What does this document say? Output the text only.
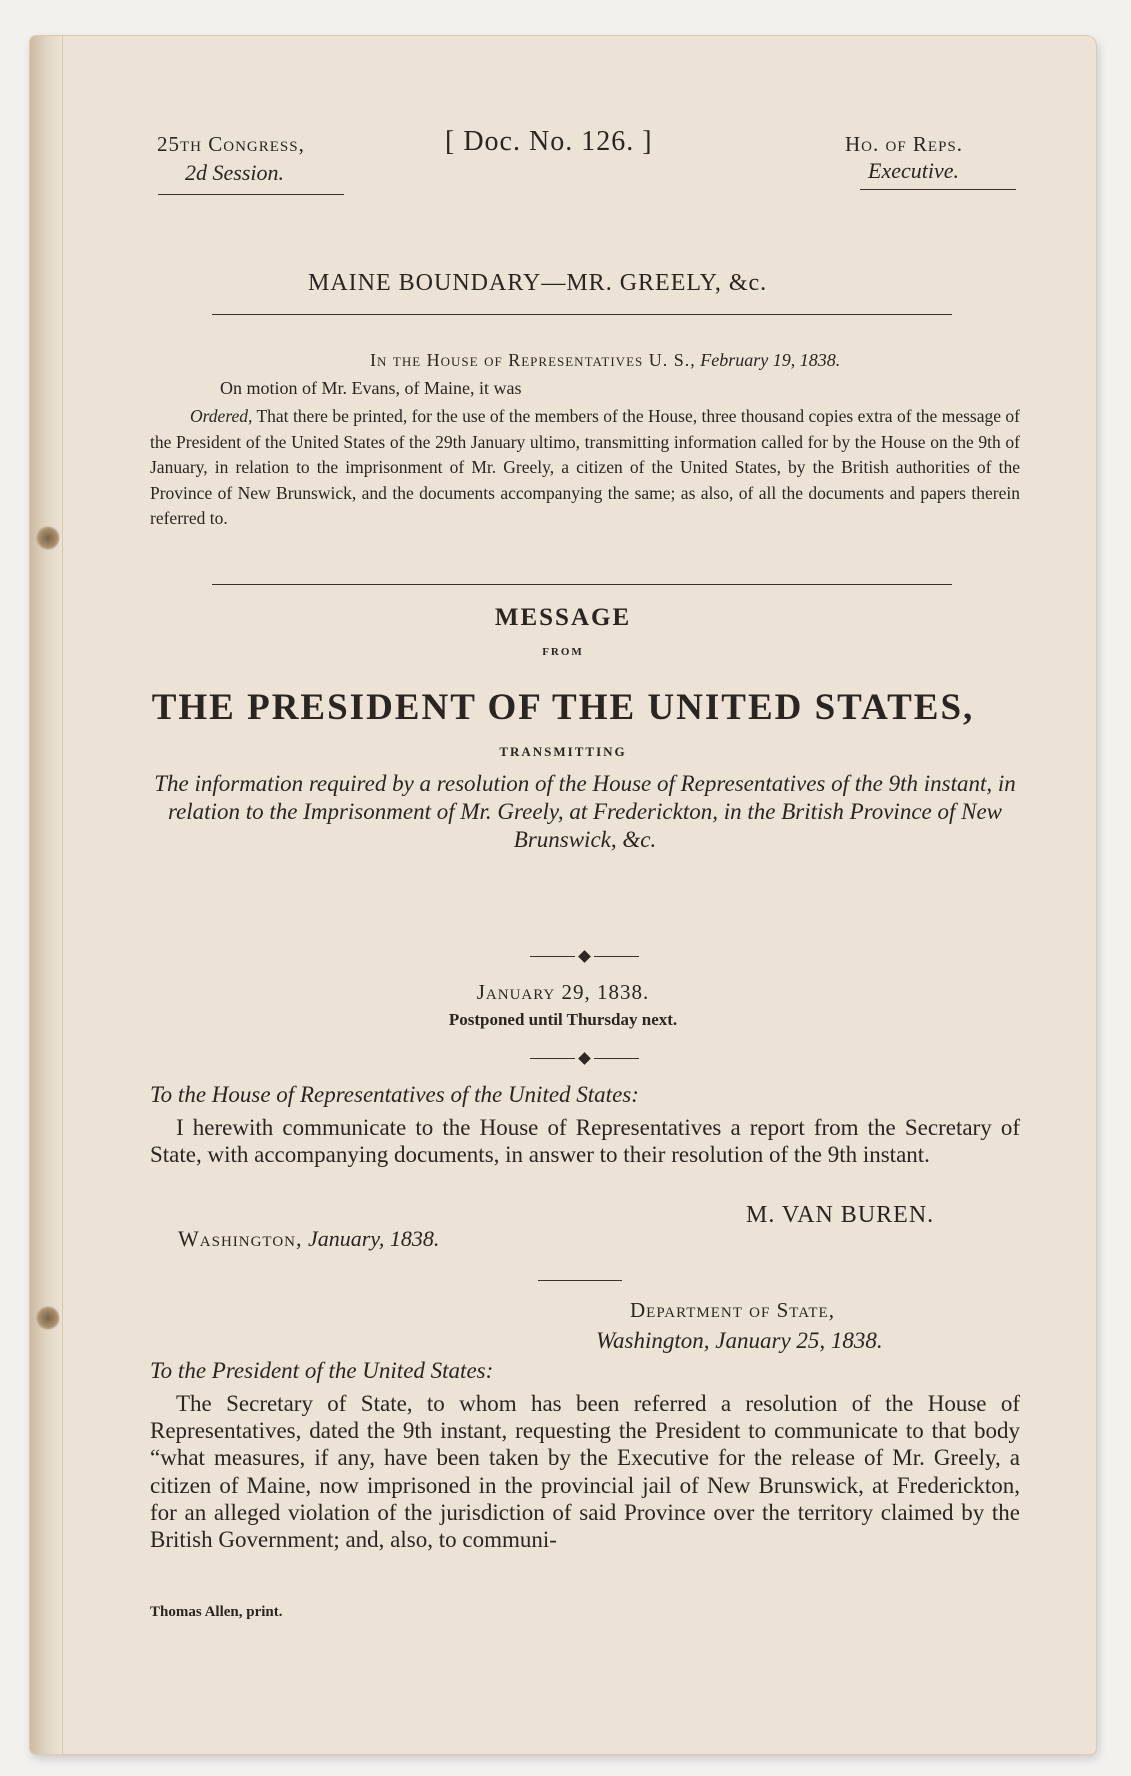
25th Congress,
2d Session.
[ Doc. No. 126. ]	Ho. of Reps.
Executive.
MAINE BOUNDARY—MR. GREELY, &c.
In the House of Representatives U. S., February 19, 1838.
On motion of Mr. Evans, of Maine, it was
Ordered, That there be printed, for the use of the members of the House, three thousand copies extra of the message of the President of the United States of the 29th January ultimo, transmitting information called for by the House on the 9th of January, in relation to the imprisonment of Mr. Greely, a citizen of the United States, by the British authorities of the Province of New Brunswick, and the documents accompanying the same; as also, of all the documents and papers therein referred to.
MESSAGE
FROM
THE PRESIDENT OF THE UNITED STATES,
TRANSMITTING
The information required by a resolution of the House of Representatives of the 9th instant, in relation to the Imprisonment of Mr. Greely, at Frederickton, in the British Province of New Brunswick, &c.
January 29, 1838.
Postponed until Thursday next.
To the House of Representatives of the United States:
I herewith communicate to the House of Representatives a report from the Secretary of State, with accompanying documents, in answer to their resolution of the 9th instant.
M. VAN BUREN.
Washington, January, 1838.
Department of State,
Washington, January 25, 1838.
To the President of the United States:
The Secretary of State, to whom has been referred a resolution of the House of Representatives, dated the 9th instant, requesting the President to communicate to that body “what measures, if any, have been taken by the Executive for the release of Mr. Greely, a citizen of Maine, now imprisoned in the provincial jail of New Brunswick, at Frederickton, for an alleged violation of the jurisdiction of said Province over the territory claimed by the British Government; and, also, to communi-
Thomas Allen, print.
